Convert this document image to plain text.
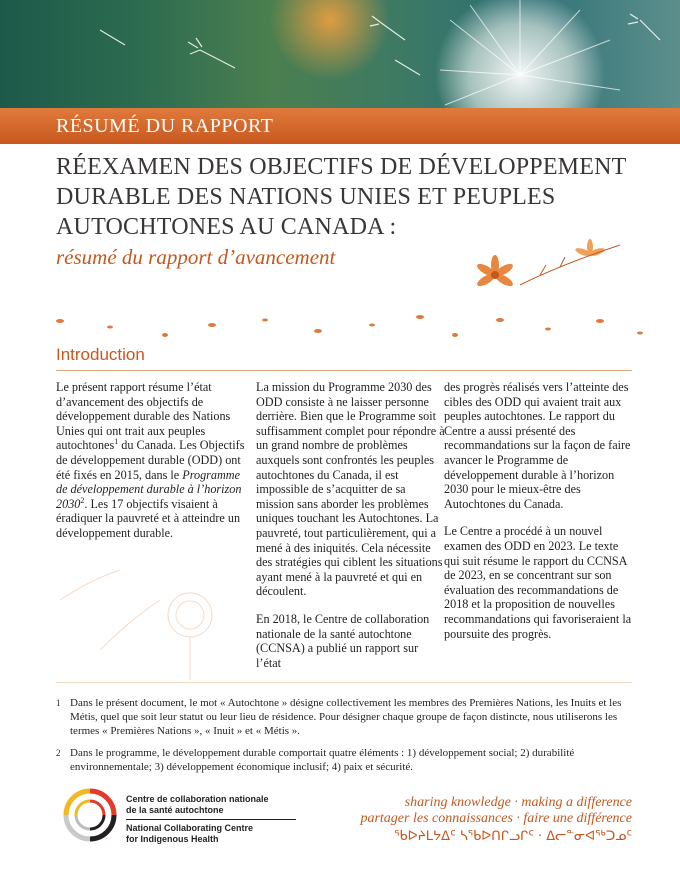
RÉSUMÉ DU RAPPORT
RÉEXAMEN DES OBJECTIFS DE DÉVELOPPEMENT
DURABLE DES NATIONS UNIES ET PEUPLES
AUTOCHTONES AU CANADA :
résumé du rapport d’avancement
Introduction

Le présent rapport résume l’état d’avancement des objectifs de développement durable des Nations Unies qui ont trait aux peuples autochtones$^1$ du Canada. Les Objectifs de développement durable (ODD) ont été fixés en 2015, dans le Programme de développement durable à l’horizon 2030$^2$. Les 17 objectifs visaient à éradiquer la pauvreté et à atteindre un développement durable.

La mission du Programme 2030 des ODD consiste à ne laisser personne derrière. Bien que le Programme soit suffisamment complet pour répondre à un grand nombre de problèmes auxquels sont confrontés les peuples autochtones du Canada, il est impossible de s’acquitter de sa mission sans aborder les problèmes uniques touchant les Autochtones. La pauvreté, tout particulièrement, qui a mené à des iniquités. Cela nécessite des stratégies qui ciblent les situations ayant mené à la pauvreté et qui en découlent.

En 2018, le Centre de collaboration nationale de la santé autochtone (CCNSA) a publié un rapport sur l’état

des progrès réalisés vers l’atteinte des cibles des ODD qui avaient trait aux peuples autochtones. Le rapport du Centre a aussi présenté des recommandations sur la façon de faire avancer le Programme de développement durable à l’horizon 2030 pour le mieux-être des Autochtones du Canada.

Le Centre a procédé à un nouvel examen des ODD en 2023. Le texte qui suit résume le rapport du CCNSA de 2023, en se concentrant sur son évaluation des recommandations de 2018 et la proposition de nouvelles recommandations qui favoriseraient la poursuite des progrès.

1 Dans le présent document, le mot « Autochtone » désigne collectivement les membres des Premières Nations, les Inuits et les Métis, quel que soit leur statut ou leur lieu de résidence. Pour désigner chaque groupe de façon distincte, nous utiliserons les termes « Premières Nations », « Inuit » et « Métis ».
2 Dans le programme, le développement durable comportait quatre éléments : 1) développement social; 2) durabilité environnementale; 3) développement économique inclusif; 4) paix et sécurité.
Centre de collaboration nationale
de la santé autochtone
National Collaborating Centre
for Indigenous Health
sharing knowledge · making a difference
partager les connaissances · faire une différence
ᖃᐅᔨᒪᔭᐃᑦ ᓴᖃᐅᑎᒋᓗᒋᑦ · ᐃᓕᓐᓂᐊᖅᑐᓄᑦ
